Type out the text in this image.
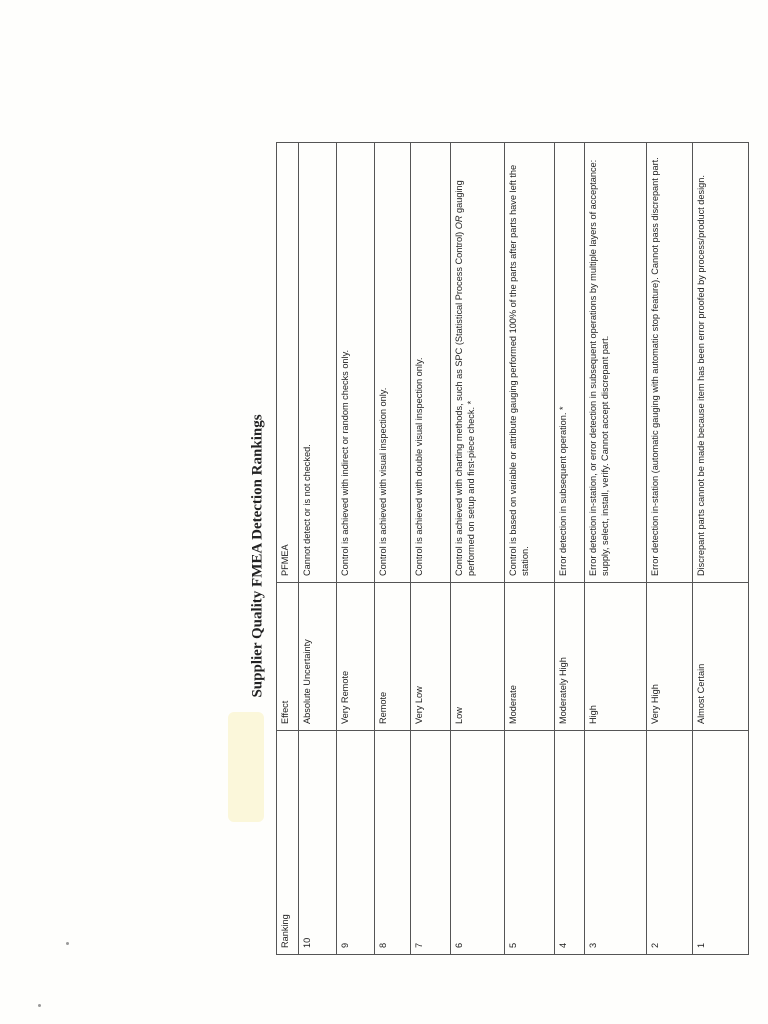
Supplier Quality FMEA Detection Rankings
Ranking	Effect	PFMEA
10	Absolute Uncertainty	Cannot detect or is not checked.
9	Very Remote	Control is achieved with indirect or random checks only.
8	Remote	Control is achieved with visual inspection only.
7	Very Low	Control is achieved with double visual inspection only.
6	Low	Control is achieved with charting methods, such as SPC (Statistical Process Control) OR gauging performed on setup and first-piece check. *
5	Moderate	Control is based on variable or attribute gauging performed 100% of the parts after parts have left the station.
4	Moderately High	Error detection in subsequent operation. *
3	High	Error detection in-station, or error detection in subsequent operations by multiple layers of acceptance: supply, select, install, verify. Cannot accept discrepant part.
2	Very High	Error detection in-station (automatic gauging with automatic stop feature). Cannot pass discrepant part.
1	Almost Certain	Discrepant parts cannot be made because item has been error proofed by process/product design.
